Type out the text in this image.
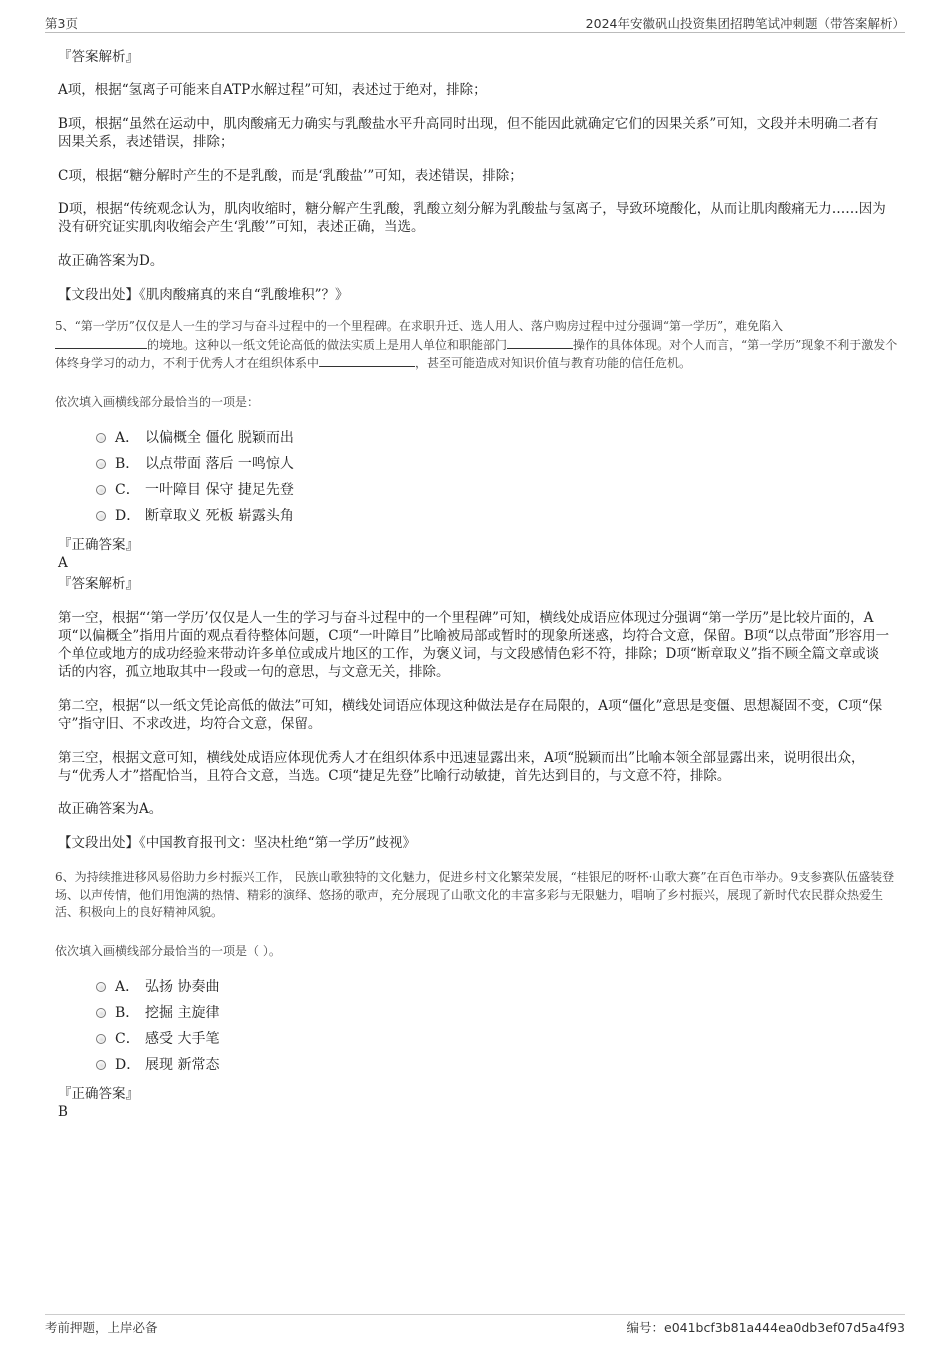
第3页	2024年安徽矾山投资集团招聘笔试冲刺题（带答案解析）
『答案解析』
A项，根据“氢离子可能来自ATP水解过程”可知，表述过于绝对，排除；
B项，根据“虽然在运动中，肌肉酸痛无力确实与乳酸盐水平升高同时出现，但不能因此就确定它们的因果关系”可知，文段并未明确二者有因果关系，表述错误，排除；
C项，根据“糖分解时产生的不是乳酸，而是‘乳酸盐’”可知，表述错误，排除；
D项，根据“传统观念认为，肌肉收缩时，糖分解产生乳酸，乳酸立刻分解为乳酸盐与氢离子，导致环境酸化，从而让肌肉酸痛无力……因为没有研究证实肌肉收缩会产生‘乳酸’”可知，表述正确，当选。
故正确答案为D。
【文段出处】《肌肉酸痛真的来自“乳酸堆积”？》
5、“第一学历”仅仅是人一生的学习与奋斗过程中的一个里程碑。在求职升迁、选人用人、落户购房过程中过分强调“第一学历”，难免陷入
的境地。这种以一纸文凭论高低的做法实质上是用人单位和职能部门	操作的具体体现。对个人而言，“第一学历”现象不利于激发个体终身学习的动力，不利于优秀人才在组织体系中	，甚至可能造成对知识价值与教育功能的信任危机。
依次填入画横线部分最恰当的一项是：
A． 以偏概全 僵化 脱颖而出
B． 以点带面 落后 一鸣惊人
C． 一叶障目 保守 捷足先登
D． 断章取义 死板 崭露头角
『正确答案』
A
『答案解析』
第一空，根据“‘第一学历’仅仅是人一生的学习与奋斗过程中的一个里程碑”可知，横线处成语应体现过分强调“第一学历”是比较片面的，A项“以偏概全”指用片面的观点看待整体问题，C项“一叶障目”比喻被局部或暂时的现象所迷惑，均符合文意，保留。B项“以点带面”形容用一个单位或地方的成功经验来带动许多单位或成片地区的工作，为褒义词，与文段感情色彩不符，排除；D项“断章取义”指不顾全篇文章或谈话的内容，孤立地取其中一段或一句的意思，与文意无关，排除。
第二空，根据“以一纸文凭论高低的做法”可知，横线处词语应体现这种做法是存在局限的，A项“僵化”意思是变僵、思想凝固不变，C项“保守”指守旧、不求改进，均符合文意，保留。
第三空，根据文意可知，横线处成语应体现优秀人才在组织体系中迅速显露出来，A项“脱颖而出”比喻本领全部显露出来，说明很出众，与“优秀人才”搭配恰当，且符合文意，当选。C项“捷足先登”比喻行动敏捷，首先达到目的，与文意不符，排除。
故正确答案为A。
【文段出处】《中国教育报刊文：坚决杜绝“第一学历”歧视》
6、为持续推进移风易俗助力乡村振兴工作， 民族山歌独特的文化魅力，促进乡村文化繁荣发展，“桂银尼的呀杯·山歌大赛”在百色市举办。9支参赛队伍盛装登场、以声传情，他们用饱满的热情、精彩的演绎、悠扬的歌声，充分展现了山歌文化的丰富多彩与无限魅力，唱响了乡村振兴，展现了新时代农民群众热爱生活、积极向上的良好精神风貌。
依次填入画横线部分最恰当的一项是（ ）。
A． 弘扬 协奏曲
B． 挖掘 主旋律
C． 感受 大手笔
D． 展现 新常态
『正确答案』
B
考前押题，上岸必备	编号：e041bcf3b81a444ea0db3ef07d5a4f93
